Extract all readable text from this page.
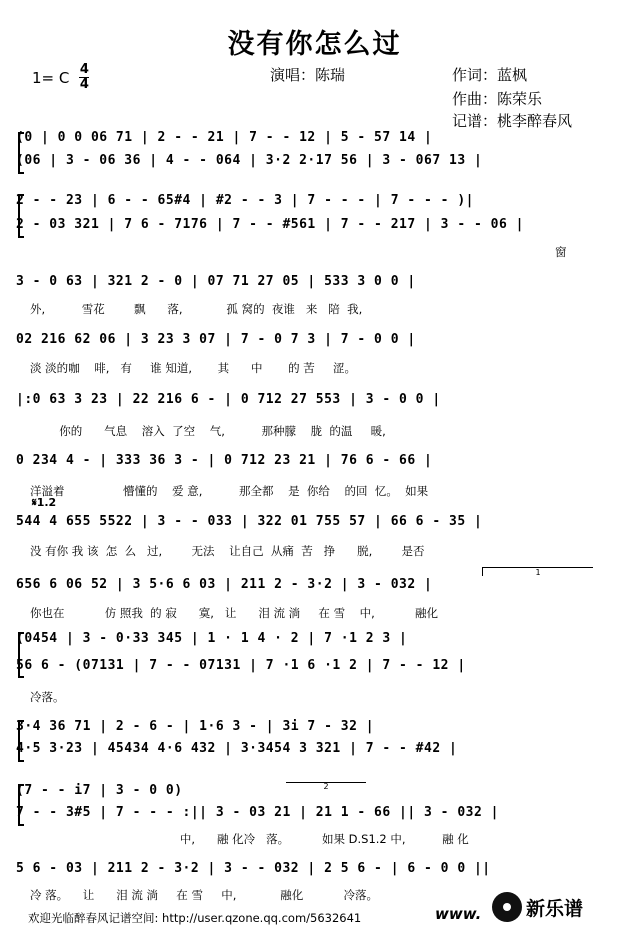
没有你怎么过
1= C 4
4
演唱：陈瑞	作词：蓝枫
作曲：陈荣乐
记谱：桃李醉春风
𝄋1.2
1
2
(0 | 0 0 06 71 | 2 - - 21 | 7 - - 12 | 5 - 57 14 |
(06 | 3 - 06 36 | 4 - - 064 | 3·2 2·17 56 | 3 - 067 13 |
2 - - 23 | 6 - - 65#4 | #2 - - 3 | 7 - - - | 7 - - - )|
2 - 03 321 | 7 6 - 7176 | 7 - - #561 | 7 - - 217 | 3 - - 06 |
3 - 0 63 | 321 2 - 0 | 07 71 27 05 | 533 3 0 0 |
02 216 62 06 | 3 23 3 07 | 7 - 0 7 3 | 7 - 0 0 |
|:0 63 3 23 | 22 216 6 - | 0 712 27 553 | 3 - 0 0 |
0 234 4 - | 333 36 3 - | 0 712 23 21 | 76 6 - 66 |
544 4 655 5522 | 3 - - 033 | 322 01 755 57 | 66 6 - 35 |
656 6 06 52 | 3 5·6 6 03 | 211 2 - 3·2 | 3 - 032 |
(0454 | 3 - 0·33 345 | 1 · 1 4 · 2 | 7 ·1 2 3 |
56 6 - (07131 | 7 - - 07131 | 7 ·1 6 ·1 2 | 7 - - 12 |
3·4 36 71 | 2 - 6 - | 1·6 3 - | 3i 7 - 32 |
4·5 3·23 | 45434 4·6 432 | 3·3454 3 321 | 7 - - #42 |
(7 - - i7 | 3 - 0 0)
7 - - 3#5 | 7 - - - :|| 3 - 03 21 | 21 1 - 66 || 3 - 032 |
5 6 - 03 | 211 2 - 3·2 | 3 - - 032 | 2 5 6 - | 6 - 0 0 ||
窗
外,          雪花        飘      落,            孤 窝的  夜谁   来   陪  我,
淡 淡的咖    啡,   有     谁 知道,       其      中       的 苦     涩。
你的      气息    溶入  了空    气,          那种朦    胧  的温     暖,
洋溢着                懵懂的    爱 意,          那全都    是  你给    的回  忆。  如果
没 有你 我 该  怎  么   过,        无法    让自己  从痛  苦   挣      脱,        是否
你也在           仿 照我  的 寂      寞,   让      泪 流 淌     在 雪    中,           融化
冷落。
中,      融 化冷   落。         如果 D.S1.2 中,          融 化
冷 落。    让      泪 流 淌     在 雪     中,            融化           冷落。
欢迎光临醉春风记谱空间: http://user.qzone.qq.com/5632641	www. 新乐谱
